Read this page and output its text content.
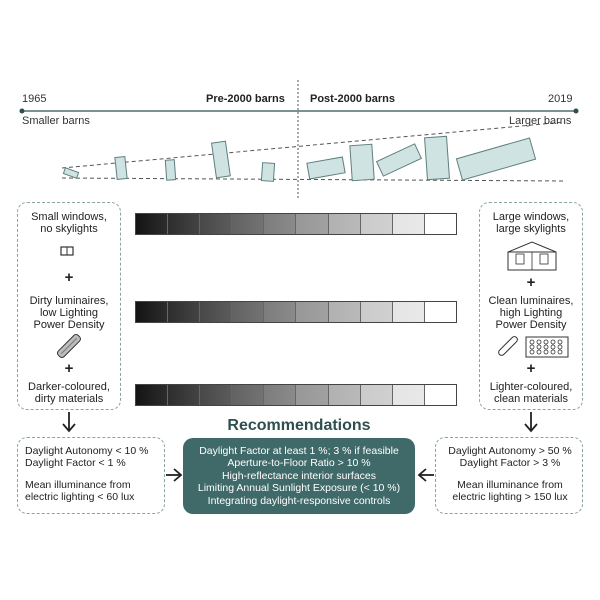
1965	2019
Pre-2000 barns Post-2000 barns
Smaller barns	Larger barns
Small windows,
no skylights
+
Dirty luminaires,
low Lighting
Power Density
+
Darker-coloured,
dirty materials
Large windows,
large skylights
+
Clean luminaires,
high Lighting
Power Density
+
Lighter-coloured,
clean materials
Recommendations
Daylight Factor at least 1 %; 3 % if feasible
Aperture-to-Floor Ratio > 10 %
High-reflectance interior surfaces
Limiting Annual Sunlight Exposure (< 10 %)
Integrating daylight-responsive controls
Daylight Autonomy < 10 %
Daylight Factor < 1 %
Mean illuminance from
electric lighting < 60 lux
Daylight Autonomy > 50 %
Daylight Factor > 3 %
Mean illuminance from
electric lighting > 150 lux
